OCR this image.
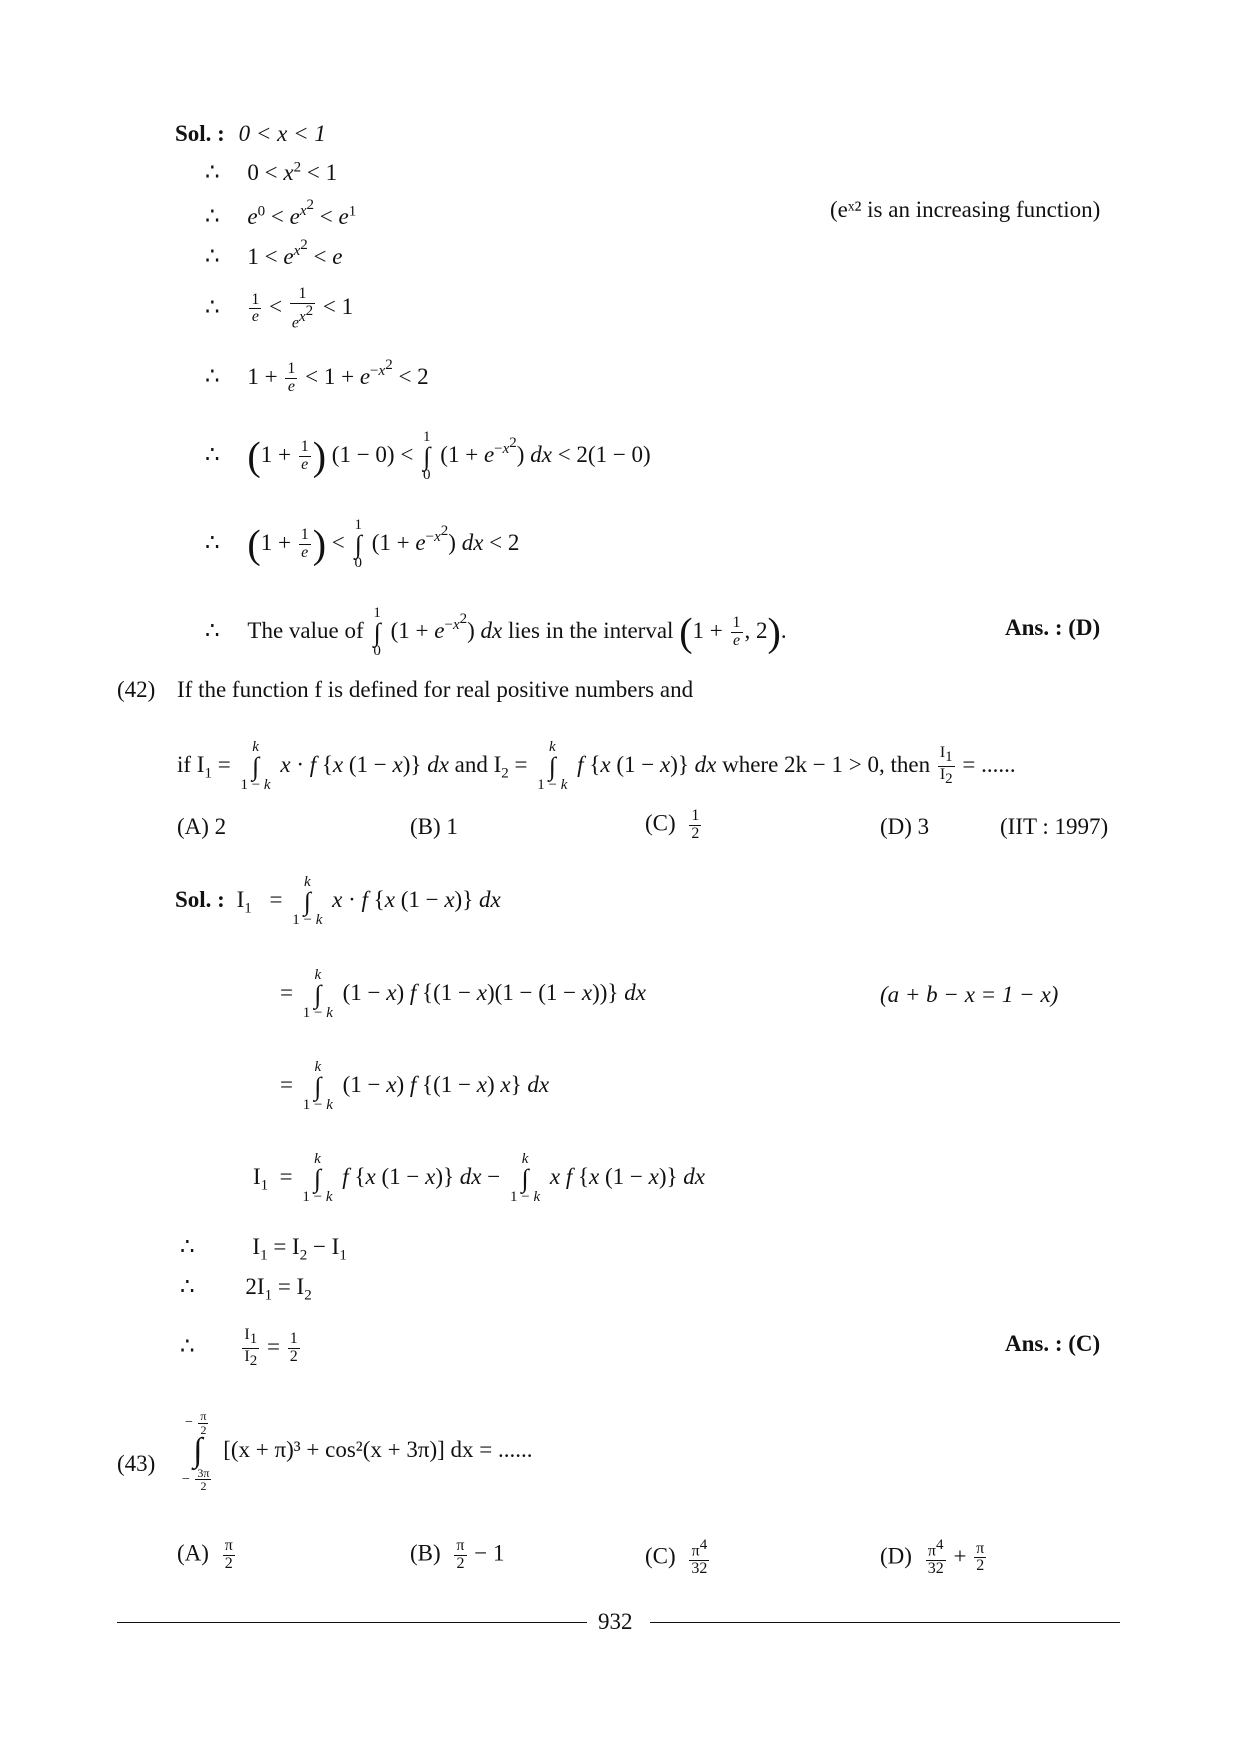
Sol. : 0 < x < 1
∴ $0 < x^2 < 1$
∴ $e^0 < e^{x^2} < e^1$	(eˣ² is an increasing function)
∴ $1 < e^{x^2} < e$
∴ $\frac{1}{e} < \frac{1}{e^{x^2}} < 1$
∴ $1 + \frac{1}{e} < 1 + e^{-x^2} < 2$
∴ ($1 + \frac{1}{e}$ ) (1 − 0) < 1
∫
0 $(1 + e^{-x^2})$ dx < 2(1 − 0)
∴ ($1 + \frac{1}{e}$ ) < 1
∫
0 $(1 + e^{-x^2})$ dx < 2
∴ The value of 1
∫
0 $(1 + e^{-x^2})$ dx lies in the interval ($1 + \frac{1}{e}$ , 2).	Ans. : (D)
(42) If the function f is defined for real positive numbers and
if $I_1 = k$
∫
1 − k x · f {x (1 − x)} dx and $I_2 = k$
∫
1 − k f {x (1 − x)} dx where 2k − 1 > 0, then $\frac{I_1}{I_2}$ = ......
(A) 2	(B) 1	$(C) \frac{1}{2}$	(D) 3	(IIT : 1997)
Sol. : $I_1 = k$
∫
1 − k x · f {x (1 − x)} dx
= k
∫
1 − k (1 − x) f {(1 − x)(1 − (1 − x))} dx	(a + b − x = 1 − x)
= k
∫
1 − k (1 − x) f {(1 − x) x} dx
$I_1 = k$
∫
1 − k f {x (1 − x)} dx − k
∫
1 − k x f {x (1 − x)} dx
∴	$I_1 = I_2 - I_1$
∴ $2I_1 = I_2$
∴	$\frac{I_1}{I_2} = \frac{1}{2}$	Ans. : (C)
(43)
− $\frac{\pi}{2}$
∫
− $\frac{3\pi}{2}$
[(x + π)³ + cos²(x + 3π)] dx = ......
$(A) \frac{\pi}{2}$	$(B) \frac{\pi}{2} - 1$	$(C) \frac{\pi^4}{32}$	$(D) \frac{\pi^4}{32} + \frac{\pi}{2}$
932
